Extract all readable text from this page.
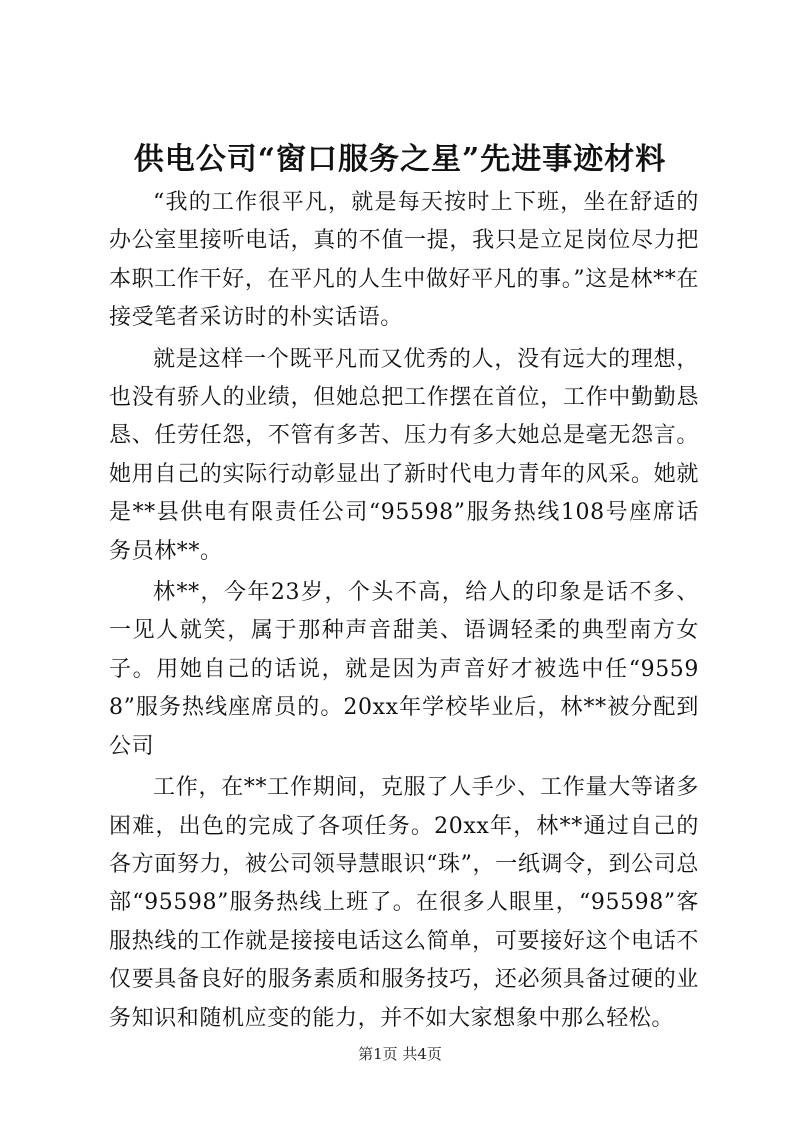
供电公司“窗口服务之星”先进事迹材料

“我的工作很平凡，就是每天按时上下班，坐在舒适的办公室里接听电话，真的不值一提，我只是立足岗位尽力把本职工作干好，在平凡的人生中做好平凡的事。”这是林**在接受笔者采访时的朴实话语。

就是这样一个既平凡而又优秀的人，没有远大的理想，也没有骄人的业绩，但她总把工作摆在首位，工作中勤勤恳恳、任劳任怨，不管有多苦、压力有多大她总是毫无怨言。她用自己的实际行动彰显出了新时代电力青年的风采。她就是**县供电有限责任公司“95598”服务热线108号座席话务员林**。

林**，今年23岁，个头不高，给人的印象是话不多、一见人就笑，属于那种声音甜美、语调轻柔的典型南方女子。用她自己的话说，就是因为声音好才被选中任“95598”服务热线座席员的。20xx年学校毕业后，林**被分配到公司

工作，在**工作期间，克服了人手少、工作量大等诸多困难，出色的完成了各项任务。20xx年，林**通过自己的各方面努力，被公司领导慧眼识“珠”，一纸调令，到公司总部“95598”服务热线上班了。在很多人眼里，“95598”客服热线的工作就是接接电话这么简单，可要接好这个电话不仅要具备良好的服务素质和服务技巧，还必须具备过硬的业务知识和随机应变的能力，并不如大家想象中那么轻松。

第1页 共4页
